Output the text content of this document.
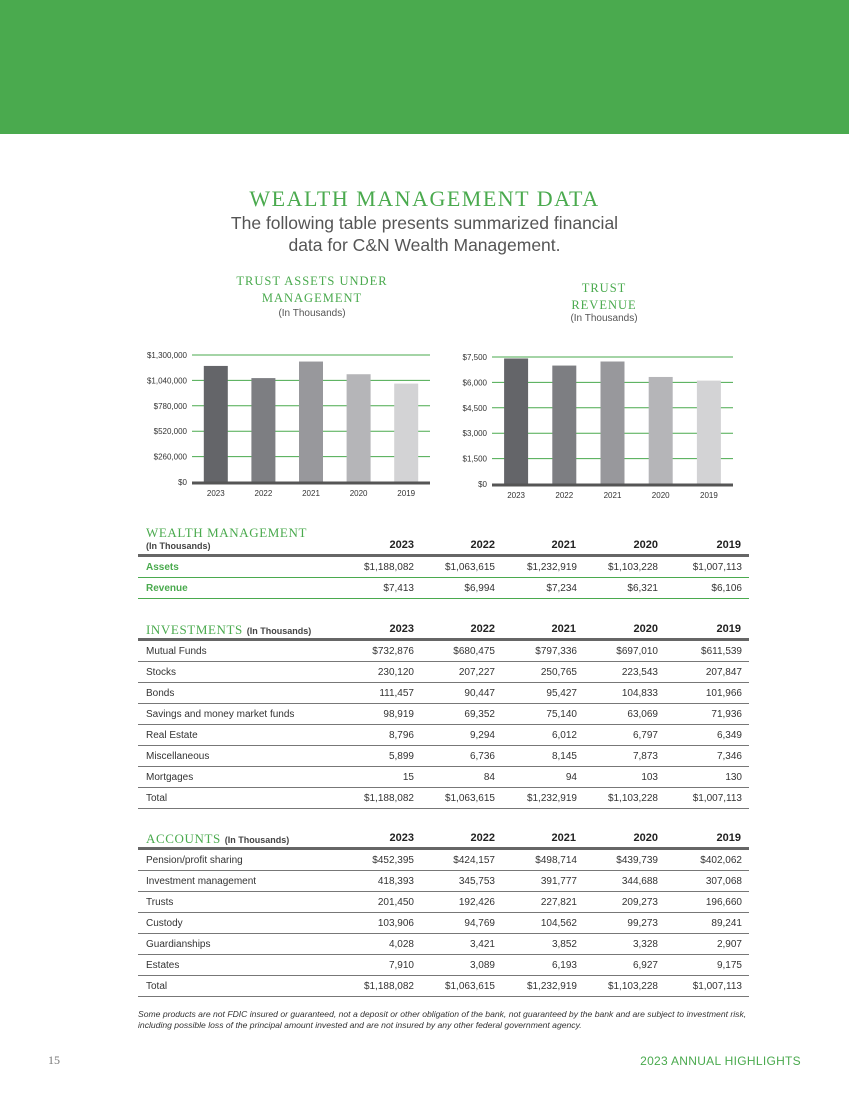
WEALTH MANAGEMENT DATA
The following table presents summarized financial data for C&N Wealth Management.
TRUST ASSETS UNDER MANAGEMENT
(In Thousands)
TRUST REVENUE
(In Thousands)
$0
$260,000
$520,000
$780,000
$1,040,000
$1,300,000
2023	2022	2021	2020	2019
$0
$1,500
$3,000
$4,500
$6,000
$7,500
2023	2022	2021	2020	2019
WEALTH MANAGEMENT
(In Thousands)	2023	2022	2021	2020	2019
Assets	$1,188,082	$1,063,615	$1,232,919	$1,103,228	$1,007,113
Revenue	$7,413	$6,994	$7,234	$6,321	$6,106
INVESTMENTS (In Thousands)	2023	2022	2021	2020	2019
Mutual Funds	$732,876	$680,475	$797,336	$697,010	$611,539
Stocks	230,120	207,227	250,765	223,543	207,847
Bonds	111,457	90,447	95,427	104,833	101,966
Savings and money market funds	98,919	69,352	75,140	63,069	71,936
Real Estate	8,796	9,294	6,012	6,797	6,349
Miscellaneous	5,899	6,736	8,145	7,873	7,346
Mortgages	15	84	94	103	130
Total	$1,188,082	$1,063,615	$1,232,919	$1,103,228	$1,007,113
ACCOUNTS (In Thousands)	2023	2022	2021	2020	2019
Pension/profit sharing	$452,395	$424,157	$498,714	$439,739	$402,062
Investment management	418,393	345,753	391,777	344,688	307,068
Trusts	201,450	192,426	227,821	209,273	196,660
Custody	103,906	94,769	104,562	99,273	89,241
Guardianships	4,028	3,421	3,852	3,328	2,907
Estates	7,910	3,089	6,193	6,927	9,175
Total	$1,188,082	$1,063,615	$1,232,919	$1,103,228	$1,007,113
Some products are not FDIC insured or guaranteed, not a deposit or other obligation of the bank, not guaranteed by the bank and are subject to investment risk, including possible loss of the principal amount invested and are not insured by any other federal government agency.
15	2023 ANNUAL HIGHLIGHTS
